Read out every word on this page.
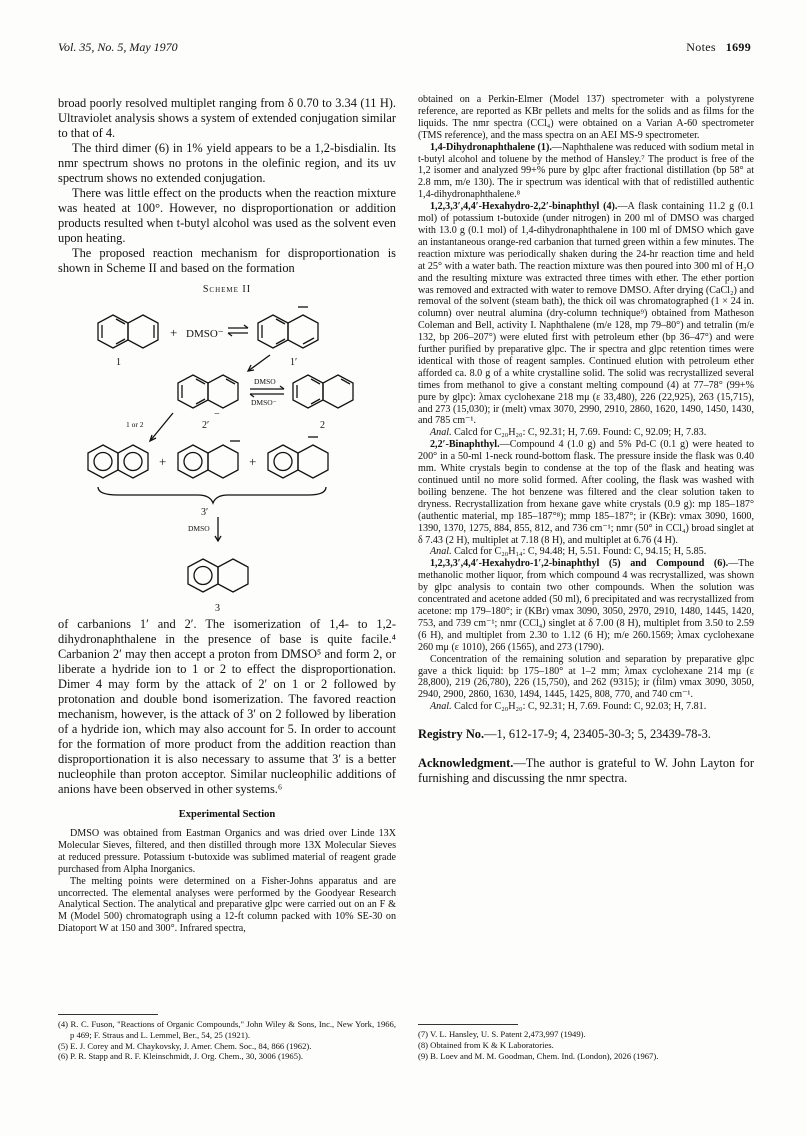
Vol. 35, No. 5, May 1970	Notes 1699

broad poorly resolved multiplet ranging from δ 0.70 to 3.34 (11 H). Ultraviolet analysis shows a system of extended conjugation similar to that of 4.

The third dimer (6) in 1% yield appears to be a 1,2-bisdialin. Its nmr spectrum shows no protons in the olefinic region, and its uv spectrum shows no extended conjugation.

There was little effect on the products when the reaction mixture was heated at 100°. However, no disproportionation or addition products resulted when t-butyl alcohol was used as the solvent even upon heating.

The proposed reaction mechanism for disproportionation is shown in Scheme II and based on the formation

Scheme II
1
+ DMSO⁻
1′
−
2′
DMSO
DMSO⁻
2
1 or 2
+	+
3′
DMSO
3

of carbanions 1′ and 2′. The isomerization of 1,4- to 1,2-dihydronaphthalene in the presence of base is quite facile.⁴ Carbanion 2′ may then accept a proton from DMSO⁵ and form 2, or liberate a hydride ion to 1 or 2 to effect the disproportionation. Dimer 4 may form by the attack of 2′ on 1 or 2 followed by protonation and double bond isomerization. The favored reaction mechanism, however, is the attack of 3′ on 2 followed by liberation of a hydride ion, which may also account for 5. In order to account for the formation of more product from the addition reaction than disproportionation it is also necessary to assume that 3′ is a better nucleophile than proton acceptor. Similar nucleophilic additions of anions have been observed in other systems.⁶

Experimental Section

DMSO was obtained from Eastman Organics and was dried over Linde 13X Molecular Sieves, filtered, and then distilled through more 13X Molecular Sieves at reduced pressure. Potassium t-butoxide was sublimed material of reagent grade purchased from Alpha Inorganics.

The melting points were determined on a Fisher-Johns apparatus and are uncorrected. The elemental analyses were performed by the Goodyear Research Analytical Section. The analytical and preparative glpc were carried out on an F & M (Model 500) chromatograph using a 12-ft column packed with 10% SE-30 on Diatoport W at 150 and 300°. Infrared spectra,

(4) R. C. Fuson, "Reactions of Organic Compounds," John Wiley & Sons, Inc., New York, 1966, p 469; F. Straus and L. Lemmel, Ber., 54, 25 (1921).

(5) E. J. Corey and M. Chaykovsky, J. Amer. Chem. Soc., 84, 866 (1962).

(6) P. R. Stapp and R. F. Kleinschmidt, J. Org. Chem., 30, 3006 (1965).

obtained on a Perkin-Elmer (Model 137) spectrometer with a polystyrene reference, are reported as KBr pellets and melts for the solids and as films for the liquids. The nmr spectra (CCl₄) were obtained on a Varian A-60 spectrometer (TMS reference), and the mass spectra on an AEI MS-9 spectrometer.

1,4-Dihydronaphthalene (1).—Naphthalene was reduced with sodium metal in t-butyl alcohol and toluene by the method of Hansley.⁷ The product is free of the 1,2 isomer and analyzed 99+% pure by glpc after fractional distillation (bp 58° at 2.8 mm, m/e 130). The ir spectrum was identical with that of redistilled authentic 1,4-dihydronaphthalene.⁸

1,2,3,3′,4,4′-Hexahydro-2,2′-binaphthyl (4).—A flask containing 11.2 g (0.1 mol) of potassium t-butoxide (under nitrogen) in 200 ml of DMSO was charged with 13.0 g (0.1 mol) of 1,4-dihydronaphthalene in 100 ml of DMSO which gave an instantaneous orange-red carbanion that turned green within a few minutes. The reaction mixture was periodically shaken during the 24-hr reaction time and held at 25° with a water bath. The reaction mixture was then poured into 300 ml of H₂O and the resulting mixture was extracted three times with ether. The ether portion was removed and extracted with water to remove DMSO. After drying (CaCl₂) and removal of the solvent (steam bath), the thick oil was chromatographed (1 × 24 in. column) over neutral alumina (dry-column technique⁹) obtained from Matheson Coleman and Bell, activity I. Naphthalene (m/e 128, mp 79–80°) and tetralin (m/e 132, bp 206–207°) were eluted first with petroleum ether (bp 36–47°) and were further purified by preparative glpc. The ir spectra and glpc retention times were identical with those of reagent samples. Continued elution with petroleum ether afforded ca. 8.0 g of a white crystalline solid. The solid was recrystallized several times from methanol to give a constant melting compound (4) at 77–78° (99+% pure by glpc): λmax cyclohexane 218 mμ (ε 33,480), 226 (22,925), 263 (15,715), and 273 (15,030); ir (melt) νmax 3070, 2990, 2910, 2860, 1620, 1490, 1450, 1430, and 785 cm⁻¹.

Anal. Calcd for C₂₀H₂₀: C, 92.31; H, 7.69. Found: C, 92.09; H, 7.83.

2,2′-Binaphthyl.—Compound 4 (1.0 g) and 5% Pd-C (0.1 g) were heated to 200° in a 50-ml 1-neck round-bottom flask. The pressure inside the flask was 0.40 mm. White crystals begin to condense at the top of the flask and heating was continued until no more solid formed. After cooling, the flask was washed with boiling benzene. The hot benzene was filtered and the clear solution taken to dryness. Recrystallization from hexane gave white crystals (0.9 g): mp 185–187° (authentic material, mp 185–187°⁸); mmp 185–187°; ir (KBr): νmax 3090, 1600, 1390, 1370, 1275, 884, 855, 812, and 736 cm⁻¹; nmr (50° in CCl₄) broad singlet at δ 7.43 (2 H), multiplet at 7.18 (8 H), and multiplet at 6.76 (4 H).

Anal. Calcd for C₂₀H₁₄: C, 94.48; H, 5.51. Found: C, 94.15; H, 5.85.

1,2,3,3′,4,4′-Hexahydro-1′,2-binaphthyl (5) and Compound (6).—The methanolic mother liquor, from which compound 4 was recrystallized, was shown by glpc analysis to contain two other compounds. When the solution was concentrated and acetone added (50 ml), 6 precipitated and was recrystallized from acetone: mp 179–180°; ir (KBr) νmax 3090, 3050, 2970, 2910, 1480, 1445, 1420, 753, and 739 cm⁻¹; nmr (CCl₄) singlet at δ 7.00 (8 H), multiplet from 3.50 to 2.59 (6 H), and multiplet from 2.30 to 1.12 (6 H); m/e 260.1569; λmax cyclohexane 260 mμ (ε 1010), 266 (1565), and 273 (1790).

Concentration of the remaining solution and separation by preparative glpc gave a thick liquid: bp 175–180° at 1–2 mm; λmax cyclohexane 214 mμ (ε 28,800), 219 (26,780), 226 (15,750), and 262 (9315); ir (film) νmax 3090, 3050, 2940, 2900, 2860, 1630, 1494, 1445, 1425, 808, 770, and 740 cm⁻¹.

Anal. Calcd for C₂₀H₂₀: C, 92.31; H, 7.69. Found: C, 92.03; H, 7.81.

Registry No.—1, 612-17-9; 4, 23405-30-3; 5, 23439-78-3.

Acknowledgment.—The author is grateful to W. John Layton for furnishing and discussing the nmr spectra.

(7) V. L. Hansley, U. S. Patent 2,473,997 (1949).

(8) Obtained from K & K Laboratories.

(9) B. Loev and M. M. Goodman, Chem. Ind. (London), 2026 (1967).
